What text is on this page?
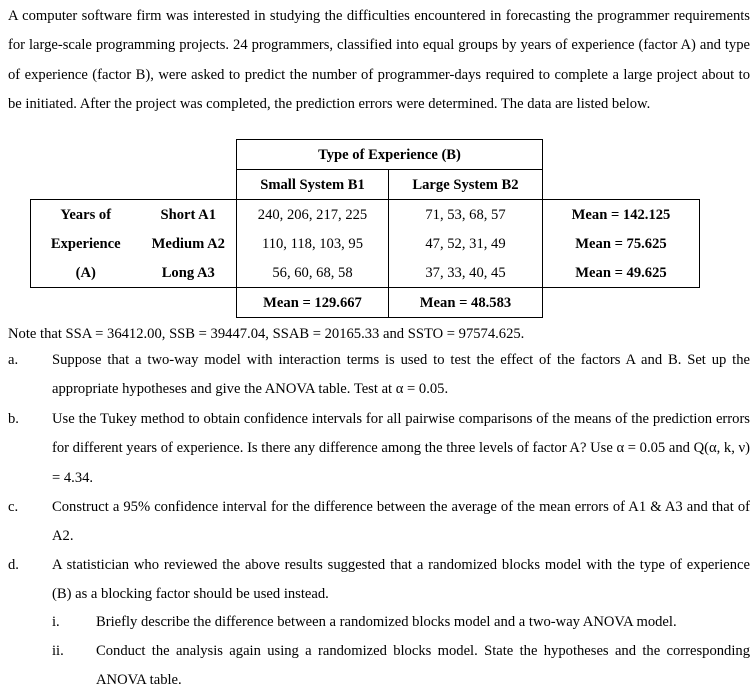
A computer software firm was interested in studying the difficulties encountered in forecasting the programmer requirements for large-scale programming projects. 24 programmers, classified into equal groups by years of experience (factor A) and type of experience (factor B), were asked to predict the number of programmer-days required to complete a large project about to be initiated. After the project was completed, the prediction errors were determined. The data are listed below.

		Type of Experience (B)		
		Small System B1	Large System B2	
Years of	Short A1	240, 206, 217, 225	71, 53, 68, 57	Mean = 142.125
Experience	Medium A2	110, 118, 103, 95	47, 52, 31, 49	Mean = 75.625
(A)	Long A3	56, 60, 68, 58	37, 33, 40, 45	Mean = 49.625
		Mean = 129.667	Mean = 48.583	

Note that SSA = 36412.00, SSB = 39447.04, SSAB = 20165.33 and SSTO = 97574.625.

a. Suppose that a two-way model with interaction terms is used to test the effect of the factors A and B. Set up the appropriate hypotheses and give the ANOVA table. Test at α = 0.05.
b. Use the Tukey method to obtain confidence intervals for all pairwise comparisons of the means of the prediction errors for different years of experience. Is there any difference among the three levels of factor A? Use α = 0.05 and Q(α, k, ν) = 4.34.
c. Construct a 95% confidence interval for the difference between the average of the mean errors of A1 & A3 and that of A2.
d. A statistician who reviewed the above results suggested that a randomized blocks model with the type of experience (B) as a blocking factor should be used instead.
i. Briefly describe the difference between a randomized blocks model and a two-way ANOVA model.
ii. Conduct the analysis again using a randomized blocks model. State the hypotheses and the corresponding ANOVA table.
